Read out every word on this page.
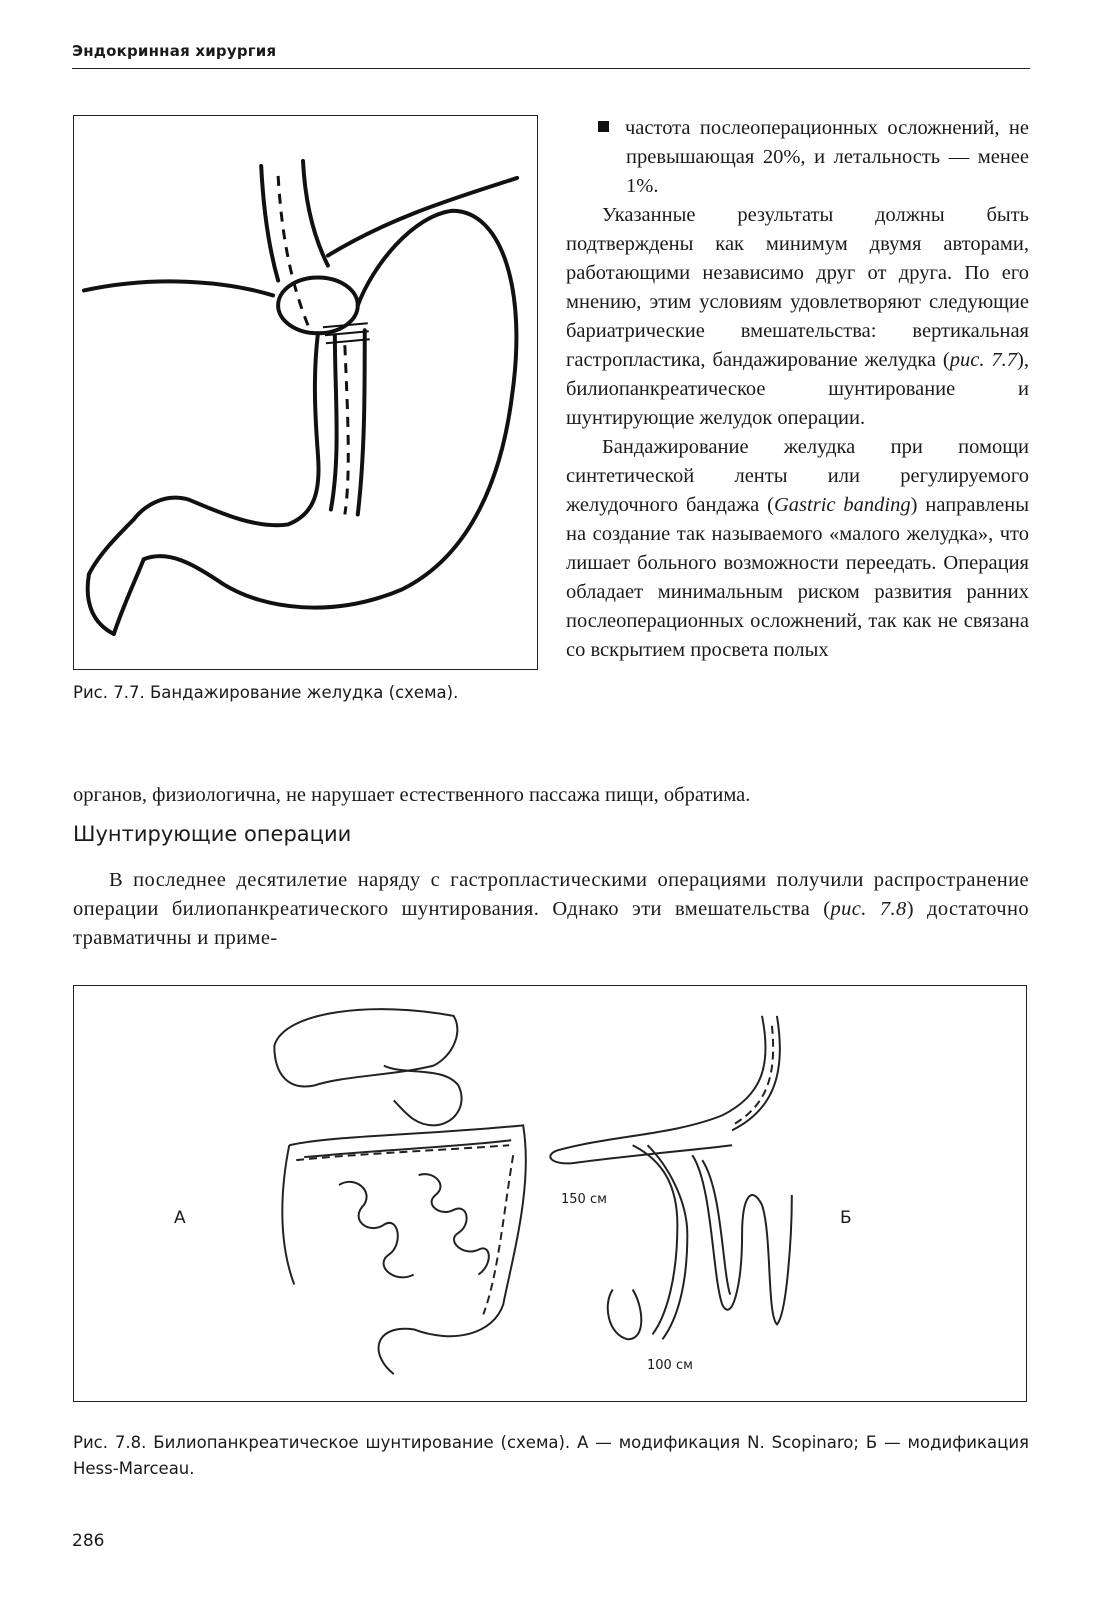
Эндокринная хирургия
Рис. 7.7. Бандажирование желудка (схема).

частота послеоперационных осложнений, не превышающая 20%, и летальность — менее 1%.

Указанные результаты должны быть подтверждены как минимум двумя авторами, работающими независимо друг от друга. По его мнению, этим условиям удовлетворяют следующие бариатрические вмешательства: вертикальная гастропластика, бандажирование желудка (рис. 7.7), билиопанкреатическое шунтирование и шунтирующие желудок операции.

Бандажирование желудка при помощи синтетической ленты или регулируемого желудочного бандажа (Gastric banding) направлены на создание так называемого «малого желудка», что лишает больного возможности переедать. Операция обладает минимальным риском развития ранних послеоперационных осложнений, так как не связана со вскрытием просвета полых

органов, физиологична, не нарушает естественного пассажа пищи, обратима.
Шунтирующие операции

В последнее десятилетие наряду с гастропластическими операциями получили распространение операции билиопанкреатического шунтирования. Однако эти вмешательства (рис. 7.8) достаточно травматичны и приме-

А	Б
150 см
100 см
Рис. 7.8. Билиопанкреатическое шунтирование (схема). А — модификация N. Scopinaro; Б — модификация Hess-Marceau.
286
